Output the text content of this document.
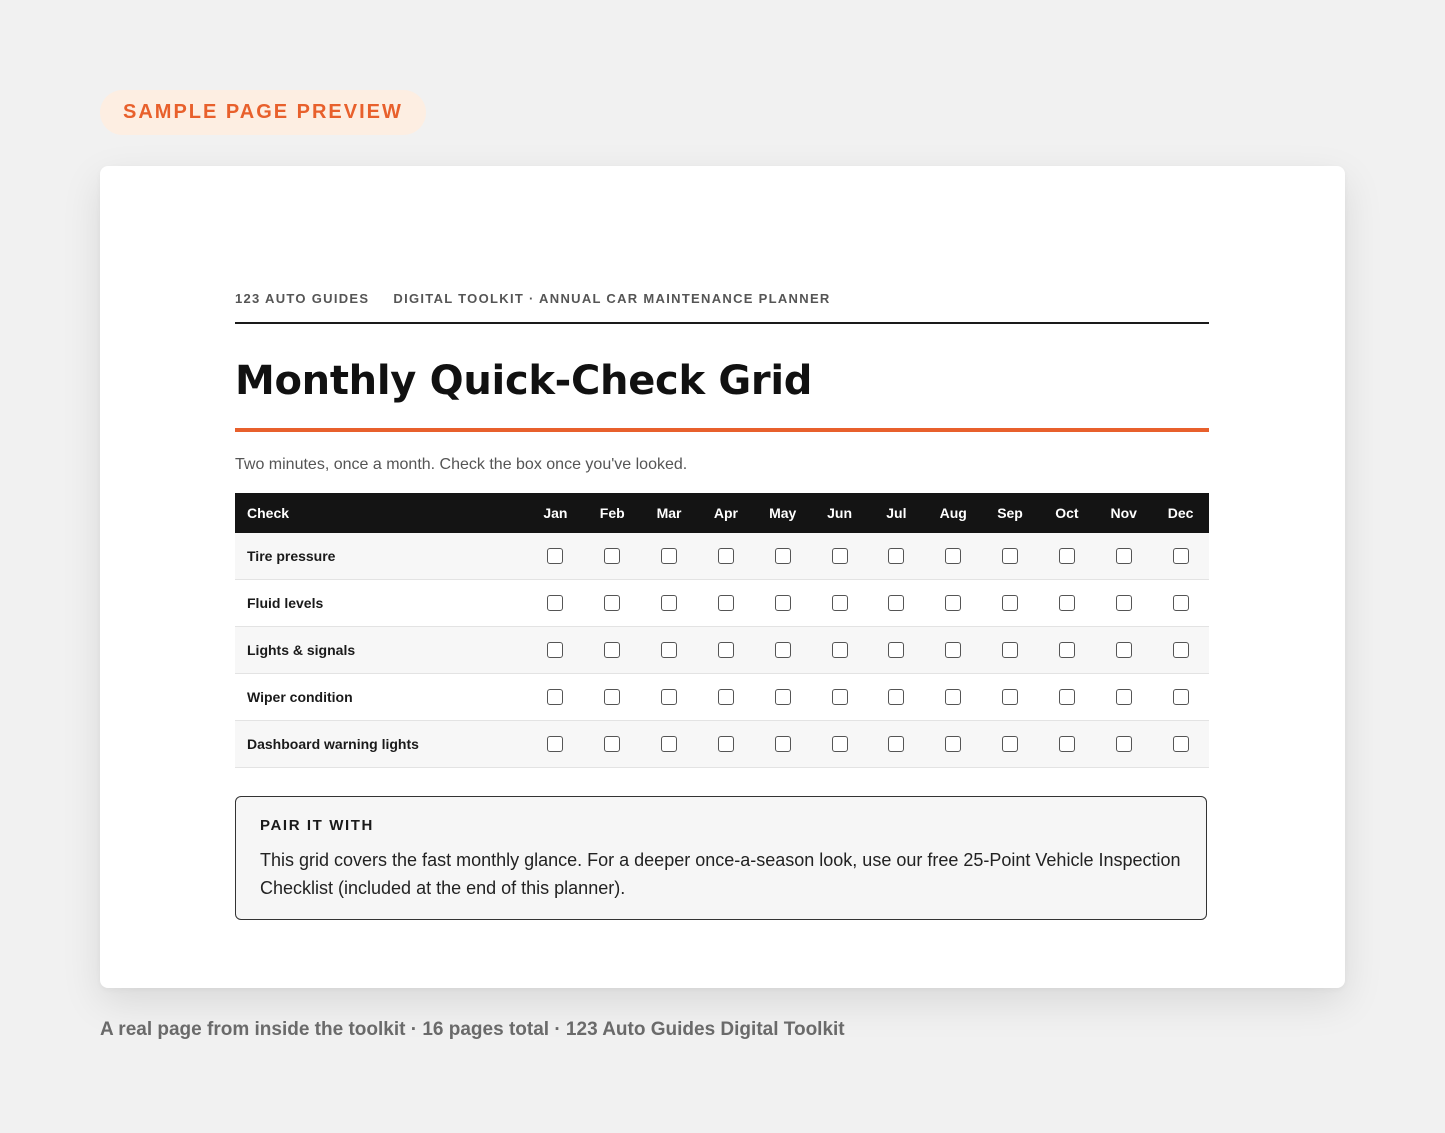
SAMPLE PAGE PREVIEW
123 AUTO GUIDES DIGITAL TOOLKIT · ANNUAL CAR MAINTENANCE PLANNER
Monthly Quick-Check Grid
Two minutes, once a month. Check the box once you've looked.
Check	Jan	Feb	Mar	Apr	May	Jun	Jul	Aug	Sep	Oct	Nov	Dec
Tire pressure												
Fluid levels												
Lights & signals												
Wiper condition												
Dashboard warning lights												
PAIR IT WITH
This grid covers the fast monthly glance. For a deeper once-a-season look, use our free 25-Point Vehicle Inspection Checklist (included at the end of this planner).
A real page from inside the toolkit · 16 pages total · 123 Auto Guides Digital Toolkit
